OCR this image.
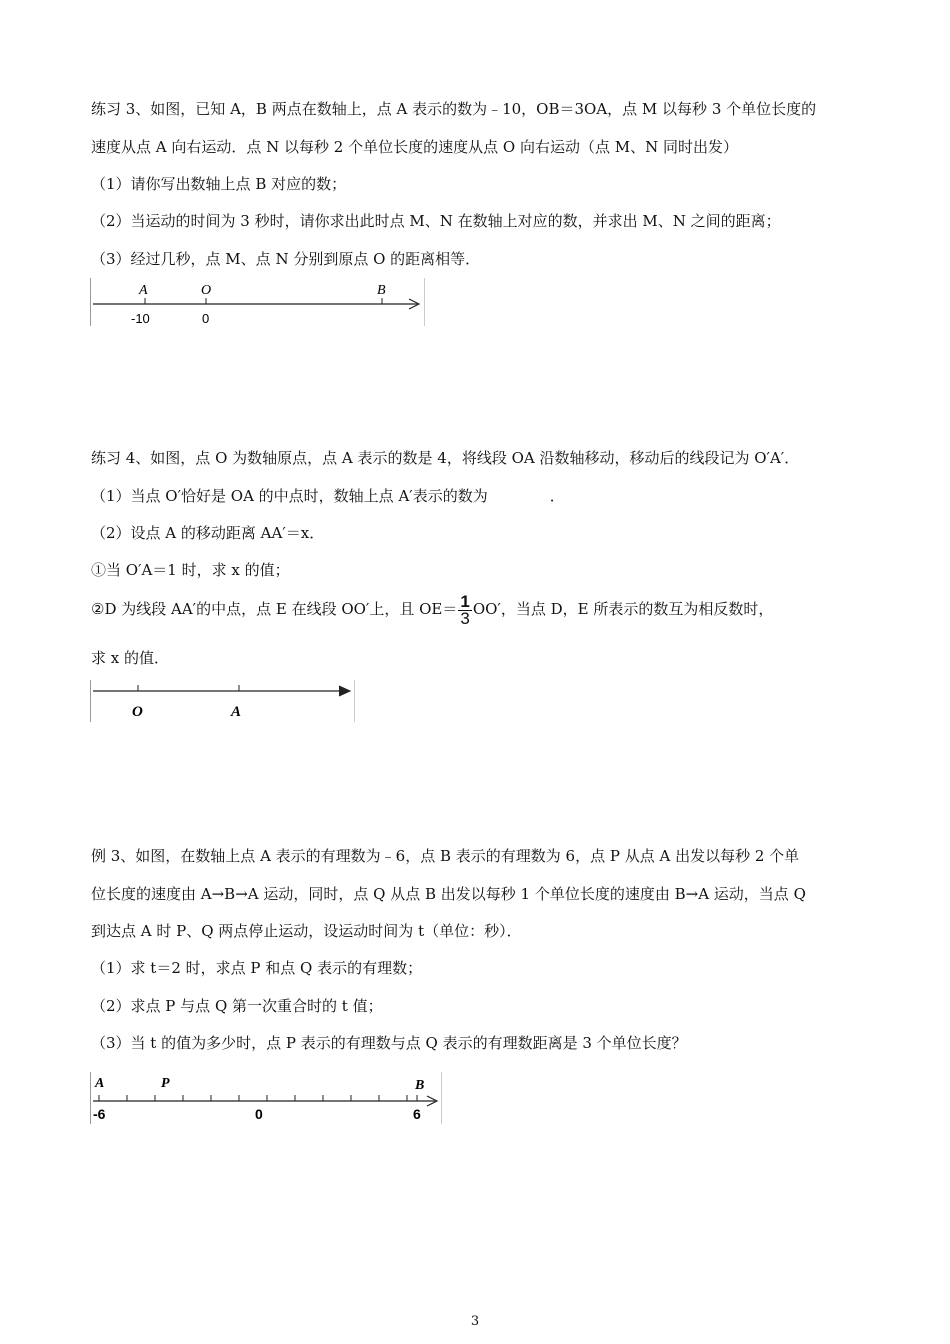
练习 3、如图，已知 A，B 两点在数轴上，点 A 表示的数为﹣10，OB＝3OA，点 M 以每秒 3 个单位长度的
速度从点 A 向右运动．点 N 以每秒 2 个单位长度的速度从点 O 向右运动（点 M、N 同时出发）
（1）请你写出数轴上点 B 对应的数；
（2）当运动的时间为 3 秒时，请你求出此时点 M、N 在数轴上对应的数，并求出 M、N 之间的距离；
（3）经过几秒，点 M、点 N 分别到原点 O 的距离相等．
A	O	B
-10	0
练习 4、如图，点 O 为数轴原点，点 A 表示的数是 4，将线段 OA 沿数轴移动，移动后的线段记为 O′A′．
（1）当点 O′恰好是 OA 的中点时，数轴上点 A′表示的数为	．
（2）设点 A 的移动距离 AA′＝x．
①当 O′A＝1 时，求 x 的值；
②D 为线段 AA′的中点，点 E 在线段 OO′上，且 $OE= \frac{1}{3} OO'$，当点 D，E 所表示的数互为相反数时，
求 x 的值．
O	A
例 3、如图，在数轴上点 A 表示的有理数为﹣6，点 B 表示的有理数为 6，点 P 从点 A 出发以每秒 2 个单
位长度的速度由 A→B→A 运动，同时，点 Q 从点 B 出发以每秒 1 个单位长度的速度由 B→A 运动，当点 Q
到达点 A 时 P、Q 两点停止运动，设运动时间为 t（单位：秒）．
（1）求 t＝2 时，求点 P 和点 Q 表示的有理数；
（2）求点 P 与点 Q 第一次重合时的 t 值；
（3）当 t 的值为多少时，点 P 表示的有理数与点 Q 表示的有理数距离是 3 个单位长度？
A	P	B
-6	0	6
3
